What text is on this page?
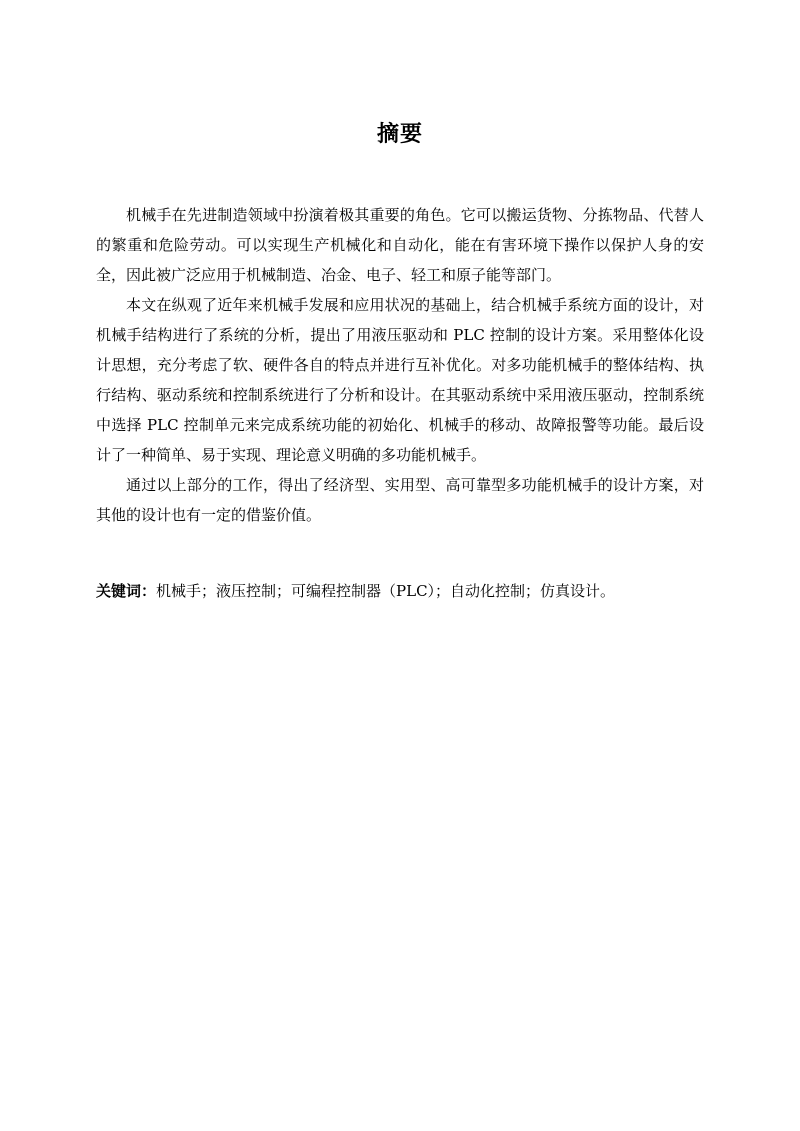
摘要

机械手在先进制造领域中扮演着极其重要的角色。它可以搬运货物、分拣物品、代替人的繁重和危险劳动。可以实现生产机械化和自动化，能在有害环境下操作以保护人身的安全，因此被广泛应用于机械制造、冶金、电子、轻工和原子能等部门。

本文在纵观了近年来机械手发展和应用状况的基础上，结合机械手系统方面的设计，对机械手结构进行了系统的分析，提出了用液压驱动和 PLC 控制的设计方案。采用整体化设计思想，充分考虑了软、硬件各自的特点并进行互补优化。对多功能机械手的整体结构、执行结构、驱动系统和控制系统进行了分析和设计。在其驱动系统中采用液压驱动，控制系统中选择 PLC 控制单元来完成系统功能的初始化、机械手的移动、故障报警等功能。最后设计了一种简单、易于实现、理论意义明确的多功能机械手。

通过以上部分的工作，得出了经济型、实用型、高可靠型多功能机械手的设计方案，对其他的设计也有一定的借鉴价值。

关键词：机械手；液压控制；可编程控制器（PLC）；自动化控制；仿真设计。
